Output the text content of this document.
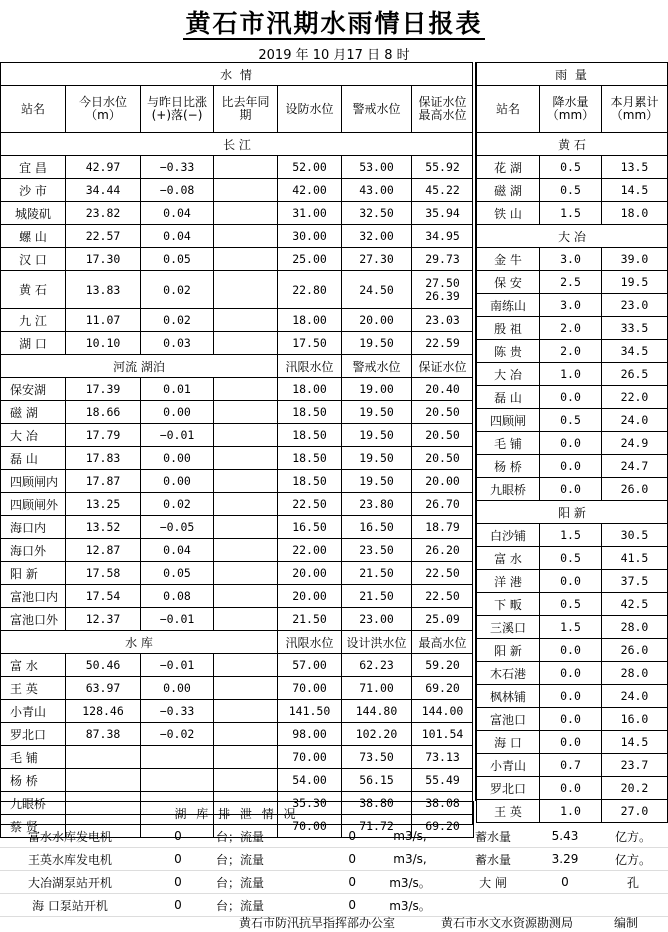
黄石市汛期水雨情日报表
2019 年 10 月17 日 8 时
水 情						
站名	今日水位（m）	与昨日比涨(+)落(−)	比去年同 期	设防水位	警戒水位	保证水位 最高水位
长 江						
宜 昌	42.97	−0.33		52.00	53.00	55.92

沙 市	34.44	−0.08		42.00	43.00	45.22

城陵矶	23.82	0.04		31.00	32.50	35.94

螺 山	22.57	0.04		30.00	32.00	34.95

汉 口	17.30	0.05		25.00	27.30	29.73

黄 石	13.83	0.02		22.80	24.50	27.50
26.39

九 江	11.07	0.02		18.00	20.00	23.03

湖 口	10.10	0.03		17.50	19.50	22.59

河流 湖泊				汛限水位	警戒水位	保证水位
保安湖	17.39	0.01		18.00	19.00	20.40
磁 湖	18.66	0.00		18.50	19.50	20.50
大 冶	17.79	−0.01		18.50	19.50	20.50
磊 山	17.83	0.00		18.50	19.50	20.50
四顾闸内	17.87	0.00		18.50	19.50	20.00
四顾闸外	13.25	0.02		22.50	23.80	26.70
海口内	13.52	−0.05		16.50	16.50	18.79
海口外	12.87	0.04		22.00	23.50	26.20
阳 新	17.58	0.05		20.00	21.50	22.50
富池口内	17.54	0.08		20.00	21.50	22.50
富池口外	12.37	−0.01		21.50	23.00	25.09
水 库				汛限水位	设计洪水位	最高水位
富 水	50.46	−0.01		57.00	62.23	59.20
王 英	63.97	0.00		70.00	71.00	69.20
小青山	128.46	−0.33		141.50	144.80	144.00
罗北口	87.38	−0.02		98.00	102.20	101.54
毛 铺				70.00	73.50	73.13
杨 桥				54.00	56.15	55.49
九眼桥				35.30	38.80	38.08
蔡 贤				70.00	71.72	69.20
雨 量		
站名	降水量（mm）	本月累计（mm）
黄 石		
花 湖	0.5	13.5
磁 湖	0.5	14.5
铁 山	1.5	18.0
大 冶		
金 牛	3.0	39.0
保 安	2.5	19.5
南练山	3.0	23.0
殷 祖	2.0	33.5
陈 贵	2.0	34.5
大 冶	1.0	26.5
磊 山	0.0	22.0
四顾闸	0.5	24.0
毛 铺	0.0	24.9
杨 桥	0.0	24.7
九眼桥	0.0	26.0
阳 新		
白沙铺	1.5	30.5
富 水	0.5	41.5
洋 港	0.0	37.5
下 畈	0.5	42.5
三溪口	1.5	28.0
阳 新	0.0	26.0
木石港	0.0	28.0
枫林铺	0.0	24.0
富池口	0.0	16.0
海 口	0.0	14.5
小青山	0.7	23.7
罗北口	0.0	20.2
王 英	1.0	27.0
湖 库 排 泄 情 况
富水水库发电机	0	台；流量	0	m3/s,	蓄水量	5.43	亿方。
王英水库发电机	0	台；流量	0	m3/s,	蓄水量	3.29	亿方。
大冶湖泵站开机	0	台；流量	0	m3/s。	大 闸	0	孔
海 口泵站开机	0	台；流量	0	m3/s。			
黄石市防汛抗旱指挥部办公室	黄石市水文水资源勘测局	编制
